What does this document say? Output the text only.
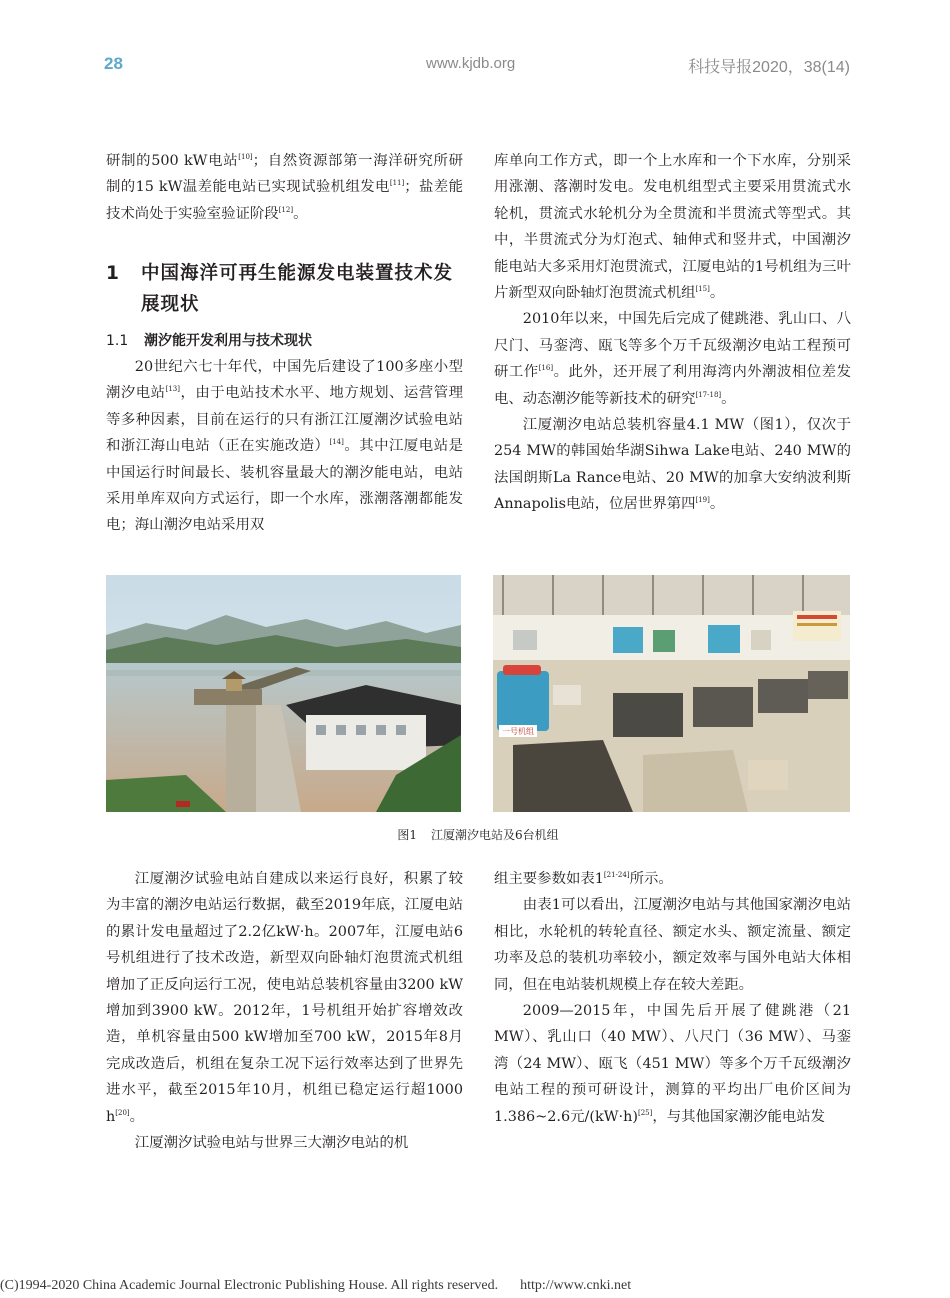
28	www.kjdb.org	科技导报2020，38(14)

研制的500 kW电站[10]；自然资源部第一海洋研究所研制的15 kW温差能电站已实现试验机组发电[11]；盐差能技术尚处于实验室验证阶段[12]。

1	中国海洋可再生能源发电装置技术发展现状
1.1 潮汐能开发利用与技术现状

20世纪六七十年代，中国先后建设了100多座小型潮汐电站[13]，由于电站技术水平、地方规划、运营管理等多种因素，目前在运行的只有浙江江厦潮汐试验电站和浙江海山电站（正在实施改造）[14]。其中江厦电站是中国运行时间最长、装机容量最大的潮汐能电站，电站采用单库双向方式运行，即一个水库，涨潮落潮都能发电；海山潮汐电站采用双

库单向工作方式，即一个上水库和一个下水库，分别采用涨潮、落潮时发电。发电机组型式主要采用贯流式水轮机，贯流式水轮机分为全贯流和半贯流式等型式。其中，半贯流式分为灯泡式、轴伸式和竖井式，中国潮汐能电站大多采用灯泡贯流式，江厦电站的1号机组为三叶片新型双向卧轴灯泡贯流式机组[15]。

2010年以来，中国先后完成了健跳港、乳山口、八尺门、马銮湾、瓯飞等多个万千瓦级潮汐电站工程预可研工作[16]。此外，还开展了利用海湾内外潮波相位差发电、动态潮汐能等新技术的研究[17-18]。

江厦潮汐电站总装机容量4.1 MW（图1），仅次于254 MW的韩国始华湖Sihwa Lake电站、240 MW的法国朗斯La Rance电站、20 MW的加拿大安纳波利斯Annapolis电站，位居世界第四[19]。

一号机组
图1 江厦潮汐电站及6台机组

江厦潮汐试验电站自建成以来运行良好，积累了较为丰富的潮汐电站运行数据，截至2019年底，江厦电站的累计发电量超过了2.2亿kW·h。2007年，江厦电站6号机组进行了技术改造，新型双向卧轴灯泡贯流式机组增加了正反向运行工况，使电站总装机容量由3200 kW增加到3900 kW。2012年，1号机组开始扩容增效改造，单机容量由500 kW增加至700 kW，2015年8月完成改造后，机组在复杂工况下运行效率达到了世界先进水平，截至2015年10月，机组已稳定运行超1000 h[20]。

江厦潮汐试验电站与世界三大潮汐电站的机

组主要参数如表1[21-24]所示。

由表1可以看出，江厦潮汐电站与其他国家潮汐电站相比，水轮机的转轮直径、额定水头、额定流量、额定功率及总的装机功率较小，额定效率与国外电站大体相同，但在电站装机规模上存在较大差距。

2009—2015年，中国先后开展了健跳港（21 MW）、乳山口（40 MW）、八尺门（36 MW）、马銮湾（24 MW）、瓯飞（451 MW）等多个万千瓦级潮汐电站工程的预可研设计，测算的平均出厂电价区间为1.386~2.6元/(kW·h)[25]，与其他国家潮汐能电站发

(C)1994-2020 China Academic Journal Electronic Publishing House. All rights reserved. http://www.cnki.net
